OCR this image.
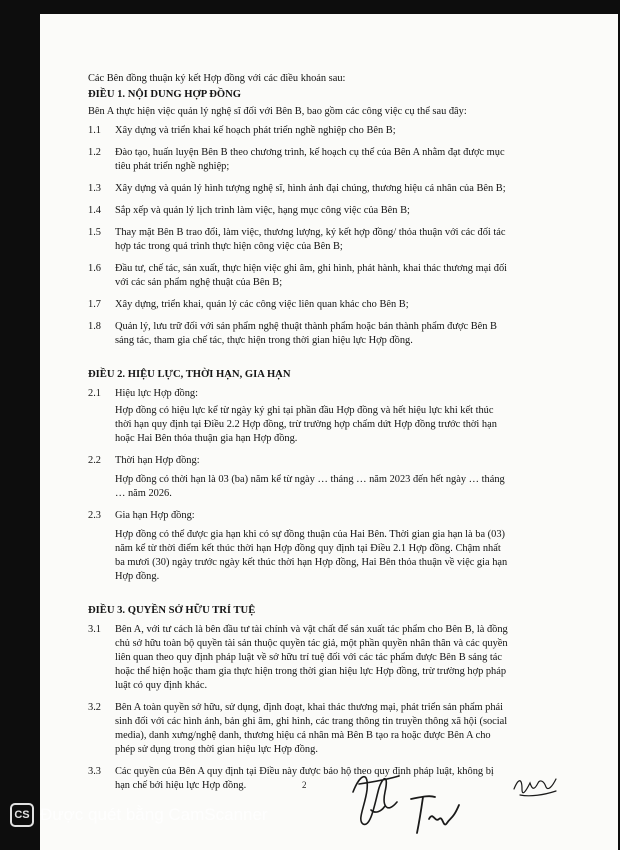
Các Bên đồng thuận ký kết Hợp đồng với các điều khoản sau:

ĐIỀU 1. NỘI DUNG HỢP ĐỒNG

Bên A thực hiện việc quản lý nghệ sĩ đối với Bên B, bao gồm các công việc cụ thể sau đây:

1.1	Xây dựng và triển khai kế hoạch phát triển nghề nghiệp cho Bên B;
1.2	Đào tạo, huấn luyện Bên B theo chương trình, kế hoạch cụ thể của Bên A nhằm đạt được mục
tiêu phát triển nghề nghiệp;
1.3	Xây dựng và quản lý hình tượng nghệ sĩ, hình ảnh đại chúng, thương hiệu cá nhân của Bên B;
1.4	Sắp xếp và quản lý lịch trình làm việc, hạng mục công việc của Bên B;
1.5	Thay mặt Bên B trao đổi, làm việc, thương lượng, ký kết hợp đồng/ thỏa thuận với các đối tác
hợp tác trong quá trình thực hiện công việc của Bên B;
1.6	Đầu tư, chế tác, sản xuất, thực hiện việc ghi âm, ghi hình, phát hành, khai thác thương mại đối
với các sản phẩm nghệ thuật của Bên B;
1.7	Xây dựng, triển khai, quản lý các công việc liên quan khác cho Bên B;
1.8	Quản lý, lưu trữ đối với sản phẩm nghệ thuật thành phẩm hoặc bán thành phẩm được Bên B
sáng tác, tham gia chế tác, thực hiện trong thời gian hiệu lực Hợp đồng.

ĐIỀU 2. HIỆU LỰC, THỜI HẠN, GIA HẠN

2.1	Hiệu lực Hợp đồng:
Hợp đồng có hiệu lực kể từ ngày ký ghi tại phần đầu Hợp đồng và hết hiệu lực khi kết thúc
thời hạn quy định tại Điều 2.2 Hợp đồng, trừ trường hợp chấm dứt Hợp đồng trước thời hạn
hoặc Hai Bên thỏa thuận gia hạn Hợp đồng.
2.2	Thời hạn Hợp đồng:
Hợp đồng có thời hạn là 03 (ba) năm kể từ ngày … tháng … năm 2023 đến hết ngày … tháng
… năm 2026.
2.3	Gia hạn Hợp đồng:
Hợp đồng có thể được gia hạn khi có sự đồng thuận của Hai Bên. Thời gian gia hạn là ba (03)
năm kể từ thời điểm kết thúc thời hạn Hợp đồng quy định tại Điều 2.1 Hợp đồng. Chậm nhất
ba mươi (30) ngày trước ngày kết thúc thời hạn Hợp đồng, Hai Bên thỏa thuận về việc gia hạn
Hợp đồng.

ĐIỀU 3. QUYỀN SỞ HỮU TRÍ TUỆ

3.1	Bên A, với tư cách là bên đầu tư tài chính và vật chất để sản xuất tác phẩm cho Bên B, là đồng
chủ sở hữu toàn bộ quyền tài sản thuộc quyền tác giả, một phần quyền nhân thân và các quyền
liên quan theo quy định pháp luật về sở hữu trí tuệ đối với các tác phẩm được Bên B sáng tác
hoặc thể hiện hoặc tham gia thực hiện trong thời gian hiệu lực Hợp đồng, trừ trường hợp pháp
luật có quy định khác.
3.2	Bên A toàn quyền sở hữu, sử dụng, định đoạt, khai thác thương mại, phát triển sản phẩm phái
sinh đối với các hình ảnh, bản ghi âm, ghi hình, các trang thông tin truyền thông xã hội (social
media), danh xưng/nghệ danh, thương hiệu cá nhân mà Bên B tạo ra hoặc được Bên A cho
phép sử dụng trong thời gian hiệu lực Hợp đồng.
3.3	Các quyền của Bên A quy định tại Điều này được bảo hộ theo quy định pháp luật, không bị
hạn chế bởi hiệu lực Hợp đồng.	2
CS Được quét bằng CamScanner
